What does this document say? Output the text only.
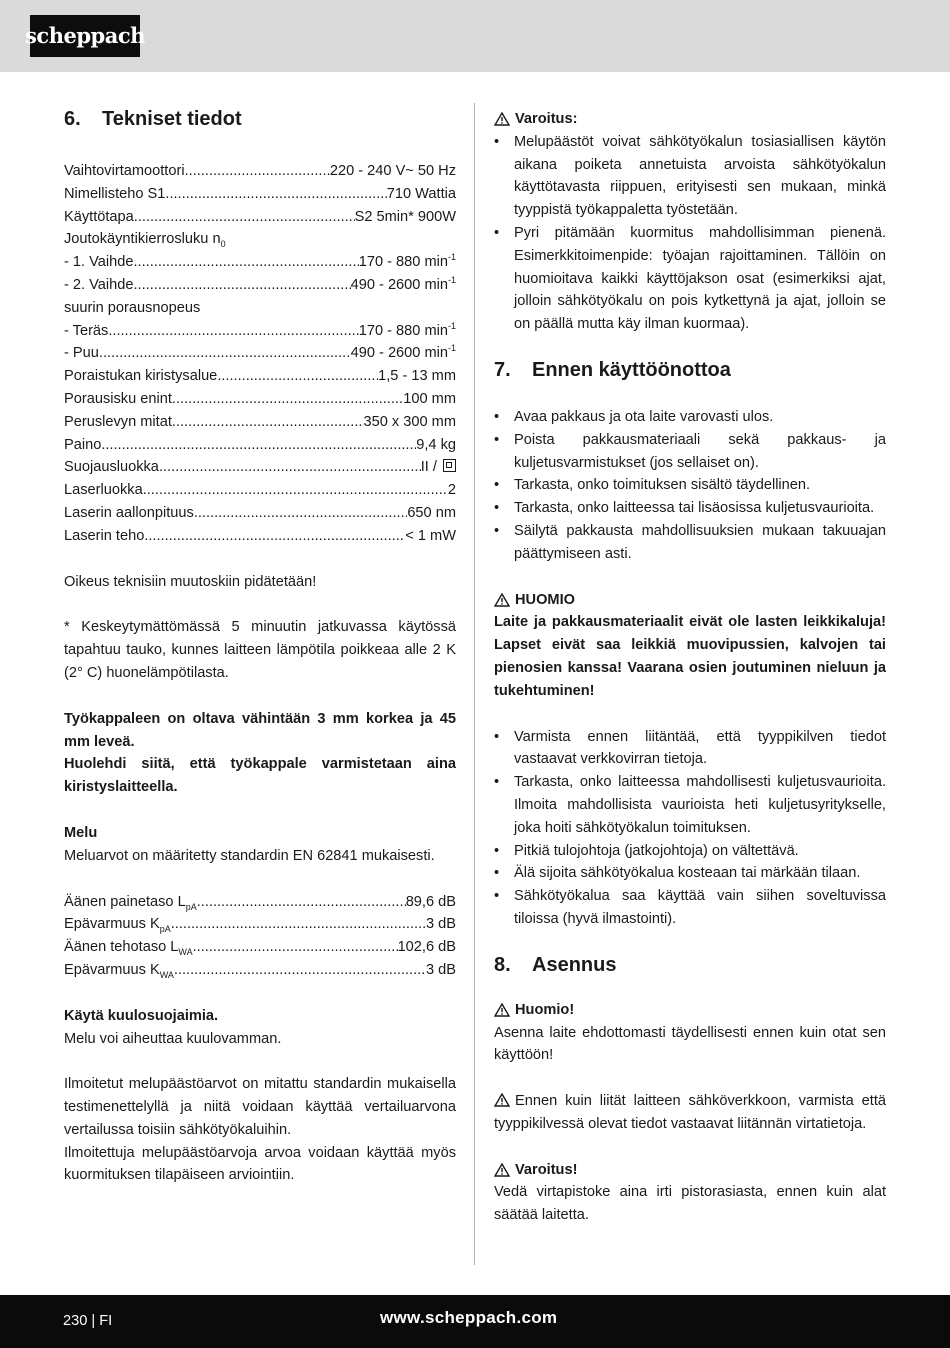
scheppach
6.	Tekniset tiedot
Vaihtovirtamoottori .....	220 - 240 V~ 50 Hz
Nimellisteho S1 .....	710 Wattia
Käyttötapa .....	S2 5min* 900W
Joutokäyntikierrosluku $n_0$
- 1. Vaihde .....	170 - 880 $\min^{-1}$
- 2. Vaihde .....	490 - 2600 $\min^{-1}$
suurin porausnopeus
- Teräs .....	170 - 880 $\min^{-1}$
- Puu .....	490 - 2600 $\min^{-1}$
Poraistukan kiristysalue .....	1,5 - 13 mm
Porausisku enint .....	100 mm
Peruslevyn mitat .....	350 x 300 mm
Paino .....	9,4 kg
Suojausluokka .....	II /
Laserluokka .....	2
Laserin aallonpituus .....	650 nm
Laserin teho .....	< 1 mW

Oikeus teknisiin muutoskiin pidätetään!

* Keskeytymättömässä 5 minuutin jatkuvassa käytössä tapahtuu tauko, kunnes laitteen lämpötila poikkeaa alle 2 K (2° C) huonelämpötilasta.

Työkappaleen on oltava vähintään 3 mm korkea ja 45 mm leveä.

Huolehdi siitä, että työkappale varmistetaan aina kiristyslaitteella.

Melu

Meluarvot on määritetty standardin EN 62841 mukaisesti.

Äänen painetaso $L_{pA}$ .....	89,6 dB
Epävarmuus $K_{pA}$ .....	3 dB
Äänen tehotaso $L_{WA}$ .....	102,6 dB
Epävarmuus $K_{WA}$ .....	3 dB

Käytä kuulosuojaimia.

Melu voi aiheuttaa kuulovamman.

Ilmoitetut melupäästöarvot on mitattu standardin mukaisella testimenettelyllä ja niitä voidaan käyttää vertailuarvona vertailussa toisiin sähkötyökaluihin.

Ilmoitettuja melupäästöarvoja arvoa voidaan käyttää myös kuormituksen tilapäiseen arviointiin.

Varoitus:
• Melupäästöt voivat sähkötyökalun tosiasiallisen käytön aikana poiketa annetuista arvoista sähkötyökalun käyttötavasta riippuen, erityisesti sen mukaan, minkä tyyppistä työkappaletta työstetään.
• Pyri pitämään kuormitus mahdollisimman pienenä. Esimerkkitoimenpide: työajan rajoittaminen. Tällöin on huomioitava kaikki käyttöjakson osat (esimerkiksi ajat, jolloin sähkötyökalu on pois kytkettynä ja ajat, jolloin se on päällä mutta käy ilman kuormaa).
7.	Ennen käyttöönottoa
• Avaa pakkaus ja ota laite varovasti ulos.
• Poista pakkausmateriaali sekä pakkaus- ja kuljetusvarmistukset (jos sellaiset on).
• Tarkasta, onko toimituksen sisältö täydellinen.
• Tarkasta, onko laitteessa tai lisäosissa kuljetusvaurioita.
• Säilytä pakkausta mahdollisuuksien mukaan takuuajan päättymiseen asti.
HUOMIO

Laite ja pakkausmateriaalit eivät ole lasten leikkikaluja! Lapset eivät saa leikkiä muovipussien, kalvojen tai pienosien kanssa! Vaarana osien joutuminen nieluun ja tukehtuminen!

• Varmista ennen liitäntää, että tyyppikilven tiedot vastaavat verkkovirran tietoja.
• Tarkasta, onko laitteessa mahdollisesti kuljetusvaurioita. Ilmoita mahdollisista vaurioista heti kuljetusyritykselle, joka hoiti sähkötyökalun toimituksen.
• Pitkiä tulojohtoja (jatkojohtoja) on vältettävä.
• Älä sijoita sähkötyökalua kosteaan tai märkään tilaan.
• Sähkötyökalua saa käyttää vain siihen soveltuvissa tiloissa (hyvä ilmastointi).
8.	Asennus
Huomio!

Asenna laite ehdottomasti täydellisesti ennen kuin otat sen käyttöön!

Ennen kuin liität laitteen sähköverkkoon, varmista että tyyppikilvessä olevat tiedot vastaavat liitännän virtatietoja.

Varoitus!

Vedä virtapistoke aina irti pistorasiasta, ennen kuin alat säätää laitetta.

230 | FI	www.scheppach.com
